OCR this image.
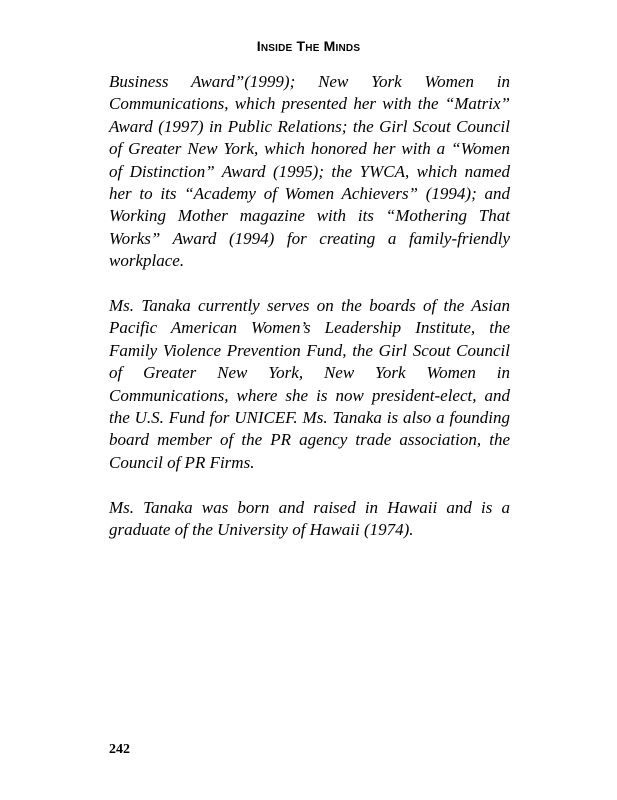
Inside The Minds

Business Award”(1999); New York Women in Communications, which presented her with the “Matrix” Award (1997) in Public Relations; the Girl Scout Council of Greater New York, which honored her with a “Women of Distinction” Award (1995); the YWCA, which named her to its “Academy of Women Achievers” (1994); and Working Mother magazine with its “Mothering That Works” Award (1994) for creating a family-friendly workplace.

Ms. Tanaka currently serves on the boards of the Asian Pacific American Women’s Leadership Institute, the Family Violence Prevention Fund, the Girl Scout Council of Greater New York, New York Women in Communications, where she is now president-elect, and the U.S. Fund for UNICEF. Ms. Tanaka is also a founding board member of the PR agency trade association, the Council of PR Firms.

Ms. Tanaka was born and raised in Hawaii and is a graduate of the University of Hawaii (1974).

242
